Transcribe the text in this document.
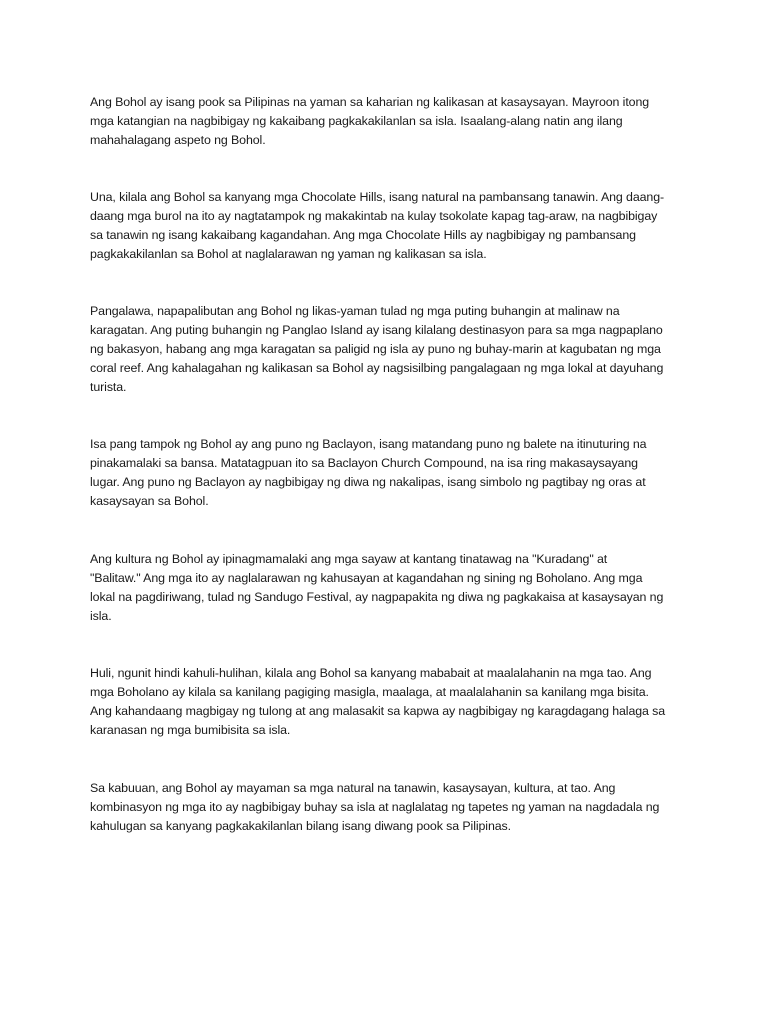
Ang Bohol ay isang pook sa Pilipinas na yaman sa kaharian ng kalikasan at kasaysayan. Mayroon itong
mga katangian na nagbibigay ng kakaibang pagkakakilanlan sa isla. Isaalang-alang natin ang ilang
mahahalagang aspeto ng Bohol.

Una, kilala ang Bohol sa kanyang mga Chocolate Hills, isang natural na pambansang tanawin. Ang daang-
daang mga burol na ito ay nagtatampok ng makakintab na kulay tsokolate kapag tag-araw, na nagbibigay
sa tanawin ng isang kakaibang kagandahan. Ang mga Chocolate Hills ay nagbibigay ng pambansang
pagkakakilanlan sa Bohol at naglalarawan ng yaman ng kalikasan sa isla.

Pangalawa, napapalibutan ang Bohol ng likas-yaman tulad ng mga puting buhangin at malinaw na
karagatan. Ang puting buhangin ng Panglao Island ay isang kilalang destinasyon para sa mga nagpaplano
ng bakasyon, habang ang mga karagatan sa paligid ng isla ay puno ng buhay-marin at kagubatan ng mga
coral reef. Ang kahalagahan ng kalikasan sa Bohol ay nagsisilbing pangalagaan ng mga lokal at dayuhang
turista.

Isa pang tampok ng Bohol ay ang puno ng Baclayon, isang matandang puno ng balete na itinuturing na
pinakamalaki sa bansa. Matatagpuan ito sa Baclayon Church Compound, na isa ring makasaysayang
lugar. Ang puno ng Baclayon ay nagbibigay ng diwa ng nakalipas, isang simbolo ng pagtibay ng oras at
kasaysayan sa Bohol.

Ang kultura ng Bohol ay ipinagmamalaki ang mga sayaw at kantang tinatawag na "Kuradang" at
"Balitaw." Ang mga ito ay naglalarawan ng kahusayan at kagandahan ng sining ng Boholano. Ang mga
lokal na pagdiriwang, tulad ng Sandugo Festival, ay nagpapakita ng diwa ng pagkakaisa at kasaysayan ng
isla.

Huli, ngunit hindi kahuli-hulihan, kilala ang Bohol sa kanyang mababait at maalalahanin na mga tao. Ang
mga Boholano ay kilala sa kanilang pagiging masigla, maalaga, at maalalahanin sa kanilang mga bisita.
Ang kahandaang magbigay ng tulong at ang malasakit sa kapwa ay nagbibigay ng karagdagang halaga sa
karanasan ng mga bumibisita sa isla.

Sa kabuuan, ang Bohol ay mayaman sa mga natural na tanawin, kasaysayan, kultura, at tao. Ang
kombinasyon ng mga ito ay nagbibigay buhay sa isla at naglalatag ng tapetes ng yaman na nagdadala ng
kahulugan sa kanyang pagkakakilanlan bilang isang diwang pook sa Pilipinas.
